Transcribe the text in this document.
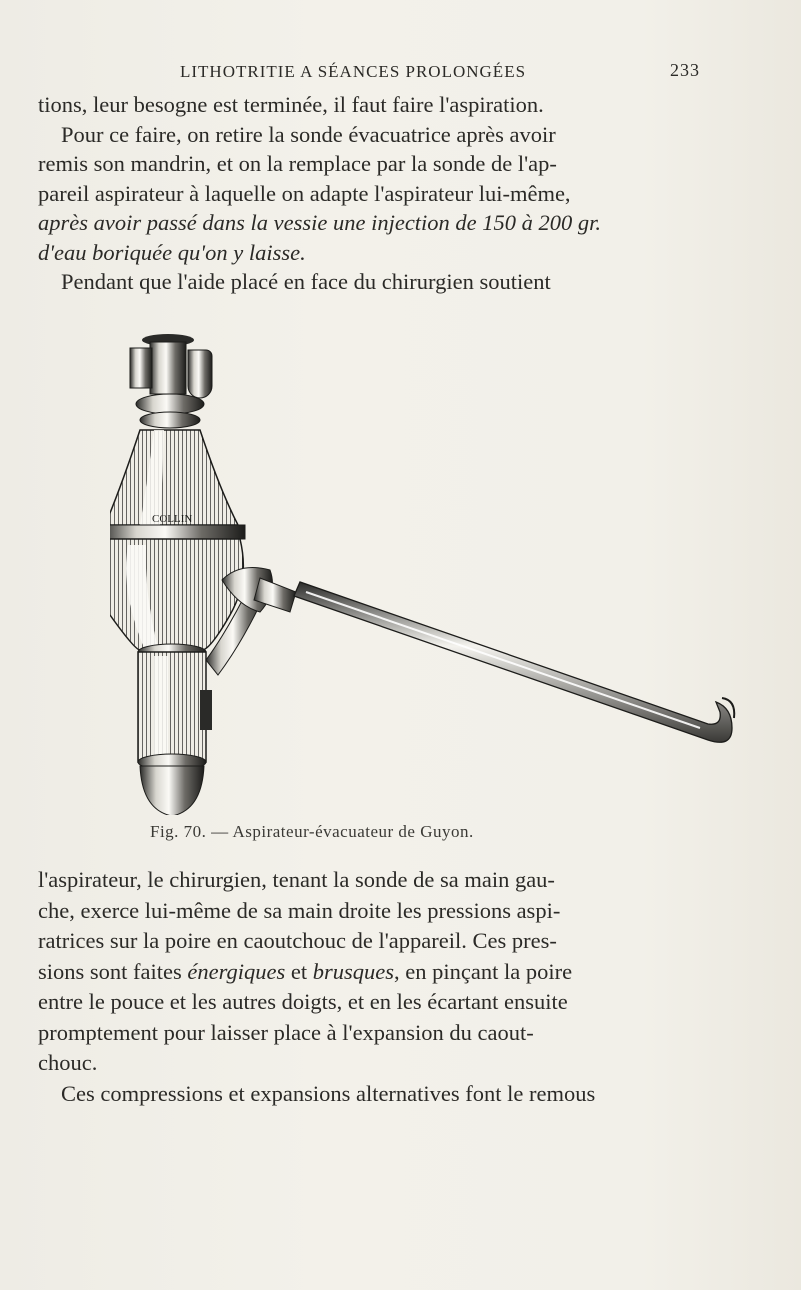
LITHOTRITIE A SÉANCES PROLONGÉES	233
tions, leur besogne est terminée, il faut faire l'aspiration.
Pour ce faire, on retire la sonde évacuatrice après avoir
remis son mandrin, et on la remplace par la sonde de l'ap-
pareil aspirateur à laquelle on adapte l'aspirateur lui-même,
après avoir passé dans la vessie une injection de 150 à 200 gr.
d'eau boriquée qu'on y laisse.
Pendant que l'aide placé en face du chirurgien soutient
COLLIN
Fig. 70. — Aspirateur-évacuateur de Guyon.
l'aspirateur, le chirurgien, tenant la sonde de sa main gau-
che, exerce lui-même de sa main droite les pressions aspi-
ratrices sur la poire en caoutchouc de l'appareil. Ces pres-
sions sont faites énergiques et brusques, en pinçant la poire
entre le pouce et les autres doigts, et en les écartant ensuite
promptement pour laisser place à l'expansion du caout-
chouc.
Ces compressions et expansions alternatives font le remous
